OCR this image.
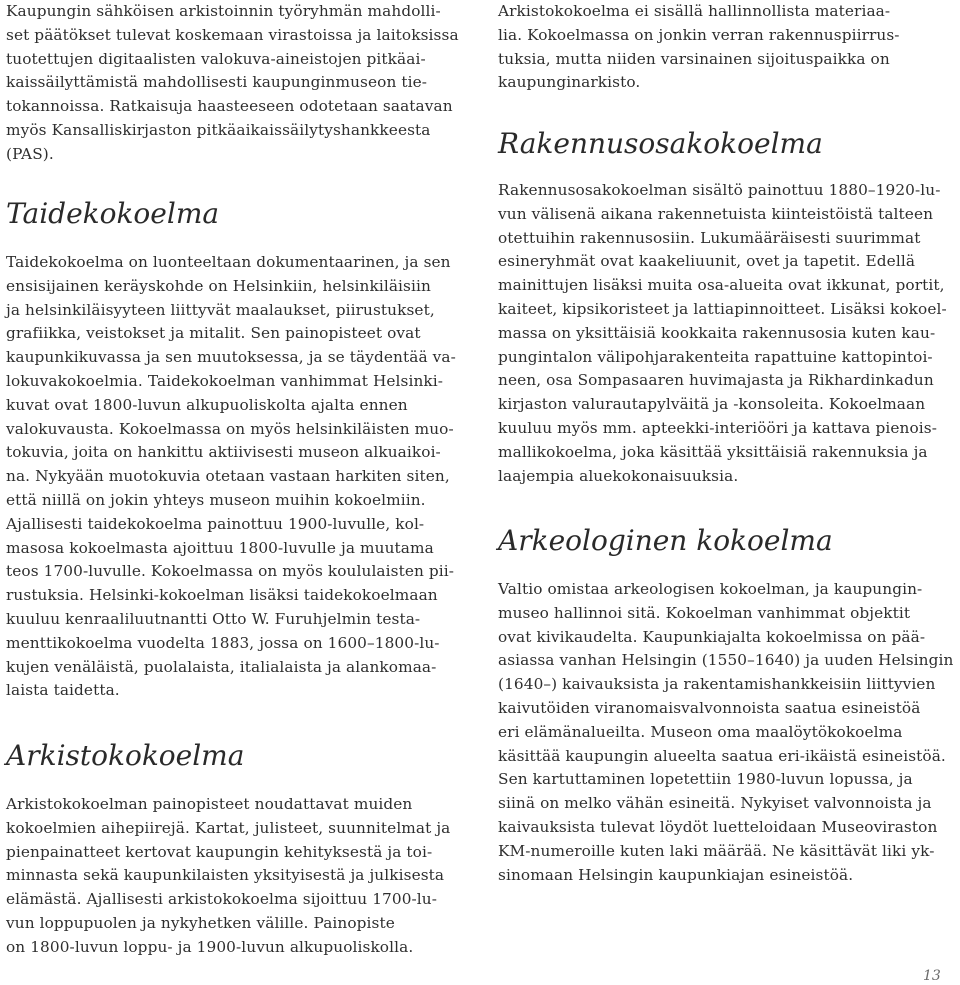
Kaupungin sähköisen arkistoinnin työryhmän mahdolli-

set päätökset tulevat koskemaan virastoissa ja laitoksissa

tuotettujen digitaalisten valokuva-aineistojen pitkäai-

kaissäilyttämistä mahdollisesti kaupunginmuseon tie-

tokannoissa. Ratkaisuja haasteeseen odotetaan saatavan

myös Kansalliskirjaston pitkäaikaissäilytyshankkeesta

(PAS).

Taidekokoelma

Taidekokoelma on luonteeltaan dokumentaarinen, ja sen

ensisijainen keräyskohde on Helsinkiin, helsinkiläisiin

ja helsinkiläisyyteen liittyvät maalaukset, piirustukset,

grafiikka, veistokset ja mitalit. Sen painopisteet ovat

kaupunkikuvassa ja sen muutoksessa, ja se täydentää va-

lokuvakokoelmia. Taidekokoelman vanhimmat Helsinki-

kuvat ovat 1800-luvun alkupuoliskolta ajalta ennen

valokuvausta. Kokoelmassa on myös helsinkiläisten muo-

tokuvia, joita on hankittu aktiivisesti museon alkuaikoi-

na. Nykyään muotokuvia otetaan vastaan harkiten siten,

että niillä on jokin yhteys museon muihin kokoelmiin.

Ajallisesti taidekokoelma painottuu 1900-luvulle, kol-

masosa kokoelmasta ajoittuu 1800-luvulle ja muutama

teos 1700-luvulle. Kokoelmassa on myös koululaisten pii-

rustuksia. Helsinki-kokoelman lisäksi taidekokoelmaan

kuuluu kenraaliluutnantti Otto W. Furuhjelmin testa-

menttikokoelma vuodelta 1883, jossa on 1600–1800-lu-

kujen venäläistä, puolalaista, italialaista ja alankomaa-

laista taidetta.

Arkistokokoelma

Arkistokokoelman painopisteet noudattavat muiden

kokoelmien aihepiirejä. Kartat, julisteet, suunnitelmat ja

pienpainatteet kertovat kaupungin kehityksestä ja toi-

minnasta sekä kaupunkilaisten yksityisestä ja julkisesta

elämästä. Ajallisesti arkistokokoelma sijoittuu 1700-lu-

vun loppupuolen ja nykyhetken välille. Painopiste

on 1800-luvun loppu- ja 1900-luvun alkupuoliskolla.

Arkistokokoelma ei sisällä hallinnollista materiaa-

lia. Kokoelmassa on jonkin verran rakennuspiirrus-

tuksia, mutta niiden varsinainen sijoituspaikka on

kaupunginarkisto.

Rakennusosakokoelma

Rakennusosakokoelman sisältö painottuu 1880–1920-lu-

vun välisenä aikana rakennetuista kiinteistöistä talteen

otettuihin rakennusosiin. Lukumääräisesti suurimmat

esineryhmät ovat kaakeliuunit, ovet ja tapetit. Edellä

mainittujen lisäksi muita osa-alueita ovat ikkunat, portit,

kaiteet, kipsikoristeet ja lattiapinnoitteet. Lisäksi kokoel-

massa on yksittäisiä kookkaita rakennusosia kuten kau-

pungintalon välipohjarakenteita rapattuine kattopintoi-

neen, osa Sompasaaren huvimajasta ja Rikhardinkadun

kirjaston valurautapylväitä ja -konsoleita. Kokoelmaan

kuuluu myös mm. apteekki-interiööri ja kattava pienois-

mallikokoelma, joka käsittää yksittäisiä rakennuksia ja

laajempia aluekokonaisuuksia.

Arkeologinen kokoelma

Valtio omistaa arkeologisen kokoelman, ja kaupungin-

museo hallinnoi sitä. Kokoelman vanhimmat objektit

ovat kivikaudelta. Kaupunkiajalta kokoelmissa on pää-

asiassa vanhan Helsingin (1550–1640) ja uuden Helsingin

(1640–) kaivauksista ja rakentamishankkeisiin liittyvien

kaivutöiden viranomaisvalvonnoista saatua esineistöä

eri elämänalueilta. Museon oma maalöytökokoelma

käsittää kaupungin alueelta saatua eri-ikäistä esineistöä.

Sen kartuttaminen lopetettiin 1980-luvun lopussa, ja

siinä on melko vähän esineitä. Nykyiset valvonnoista ja

kaivauksista tulevat löydöt luetteloidaan Museoviraston

KM-numeroille kuten laki määrää. Ne käsittävät liki yk-

sinomaan Helsingin kaupunkiajan esineistöä.

13
